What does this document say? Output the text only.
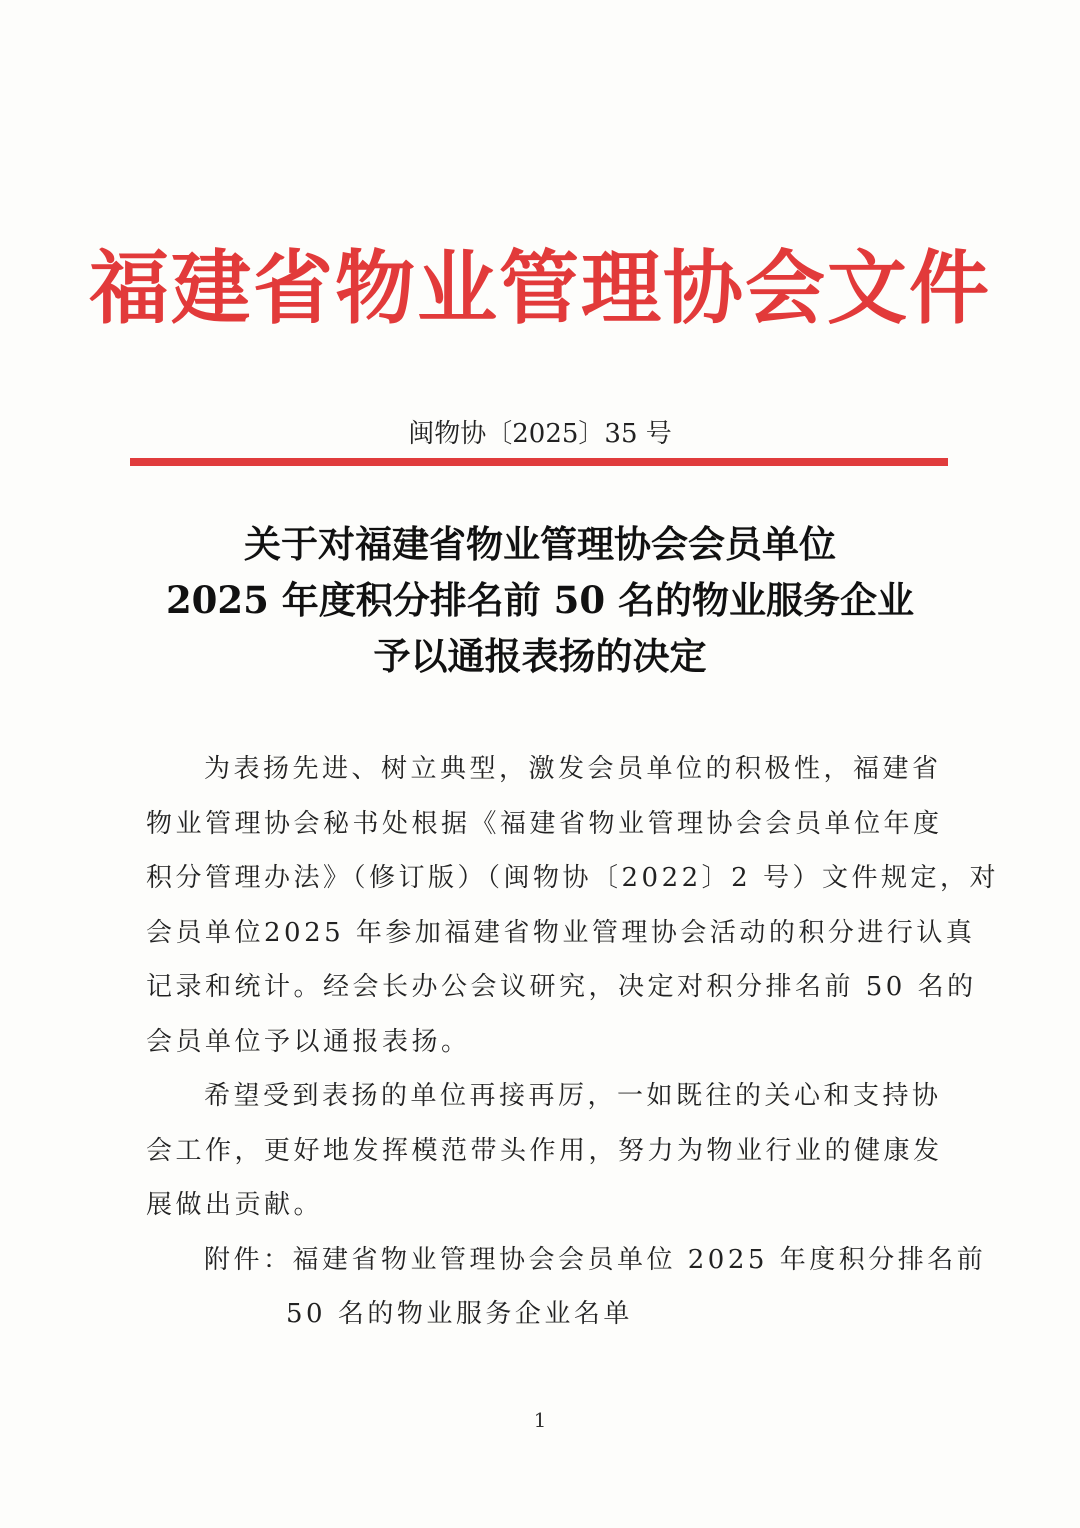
福建省物业管理协会文件
闽物协〔2025〕35 号
关于对福建省物业管理协会会员单位
2025 年度积分排名前 50 名的物业服务企业
予以通报表扬的决定
为表扬先进、树立典型，激发会员单位的积极性，福建省
物业管理协会秘书处根据《福建省物业管理协会会员单位年度
积分管理办法》（修订版）（闽物协〔2022〕2 号）文件规定，对
会员单位2025 年参加福建省物业管理协会活动的积分进行认真
记录和统计。经会长办公会议研究，决定对积分排名前 50 名的
会员单位予以通报表扬。
希望受到表扬的单位再接再厉，一如既往的关心和支持协
会工作，更好地发挥模范带头作用，努力为物业行业的健康发
展做出贡献。
附件：福建省物业管理协会会员单位 2025 年度积分排名前
50 名的物业服务企业名单
1
